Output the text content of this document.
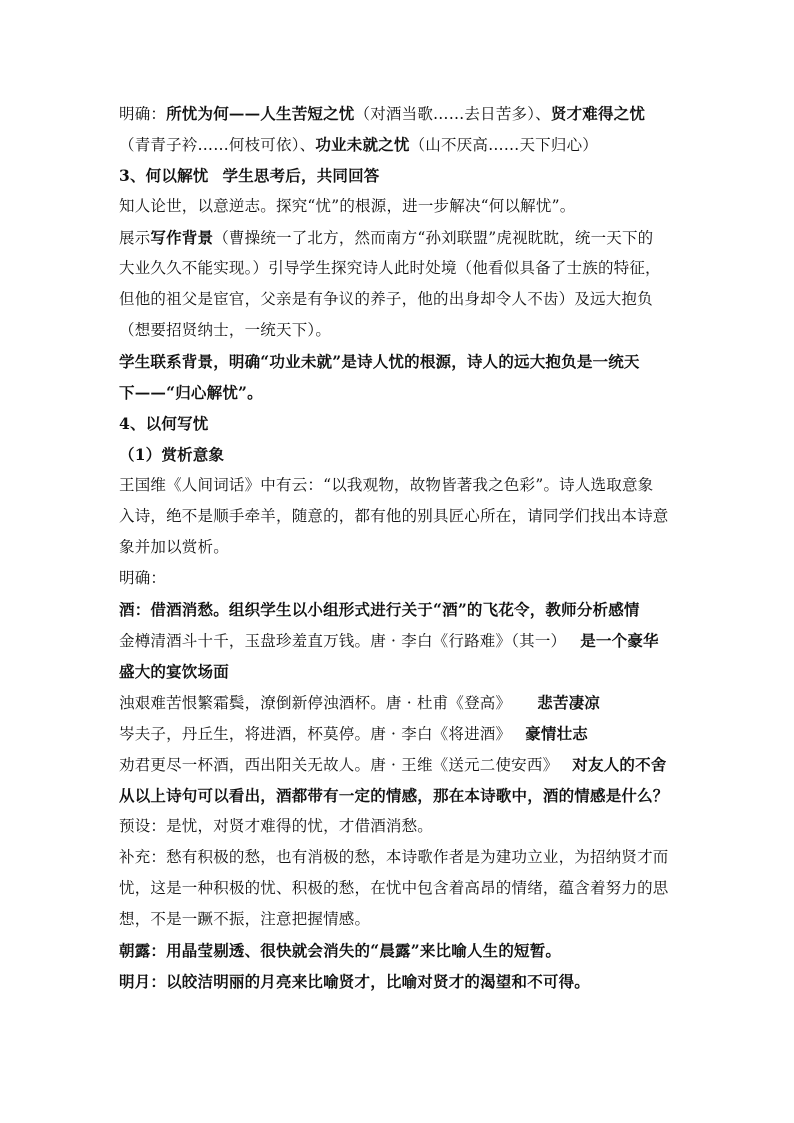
明确：所忧为何——人生苦短之忧（对酒当歌……去日苦多）、贤才难得之忧
（青青子衿……何枝可依）、功业未就之忧（山不厌高……天下归心）
3、何以解忧 学生思考后，共同回答
知人论世，以意逆志。探究“忧”的根源，进一步解决“何以解忧”。
展示写作背景（曹操统一了北方，然而南方“孙刘联盟”虎视眈眈，统一天下的
大业久久不能实现。）引导学生探究诗人此时处境（他看似具备了士族的特征，
但他的祖父是宦官，父亲是有争议的养子，他的出身却令人不齿）及远大抱负
（想要招贤纳士，一统天下）。
学生联系背景，明确“功业未就”是诗人忧的根源，诗人的远大抱负是一统天
下——“归心解忧”。
4、以何写忧
（1）赏析意象
王国维《人间词话》中有云：“以我观物，故物皆著我之色彩”。诗人选取意象
入诗，绝不是顺手牵羊，随意的，都有他的别具匠心所在，请同学们找出本诗意
象并加以赏析。
明确：
酒：借酒消愁。组织学生以小组形式进行关于“酒”的飞花令，教师分析感情
金樽清酒斗十千，玉盘珍羞直万钱。唐 · 李白《行路难》（其一） 是一个豪华
盛大的宴饮场面
浊艰难苦恨繁霜鬓，潦倒新停浊酒杯。唐 · 杜甫《登高》 悲苦凄凉
岑夫子，丹丘生，将进酒，杯莫停。唐 · 李白《将进酒》 豪情壮志
劝君更尽一杯酒，西出阳关无故人。唐 · 王维《送元二使安西》 对友人的不舍
从以上诗句可以看出，酒都带有一定的情感，那在本诗歌中，酒的情感是什么？
预设：是忧，对贤才难得的忧，才借酒消愁。
补充：愁有积极的愁，也有消极的愁，本诗歌作者是为建功立业，为招纳贤才而
忧，这是一种积极的忧、积极的愁，在忧中包含着高昂的情绪，蕴含着努力的思
想，不是一蹶不振，注意把握情感。
朝露：用晶莹剔透、很快就会消失的“晨露”来比喻人生的短暂。
明月：以皎洁明丽的月亮来比喻贤才，比喻对贤才的渴望和不可得。
